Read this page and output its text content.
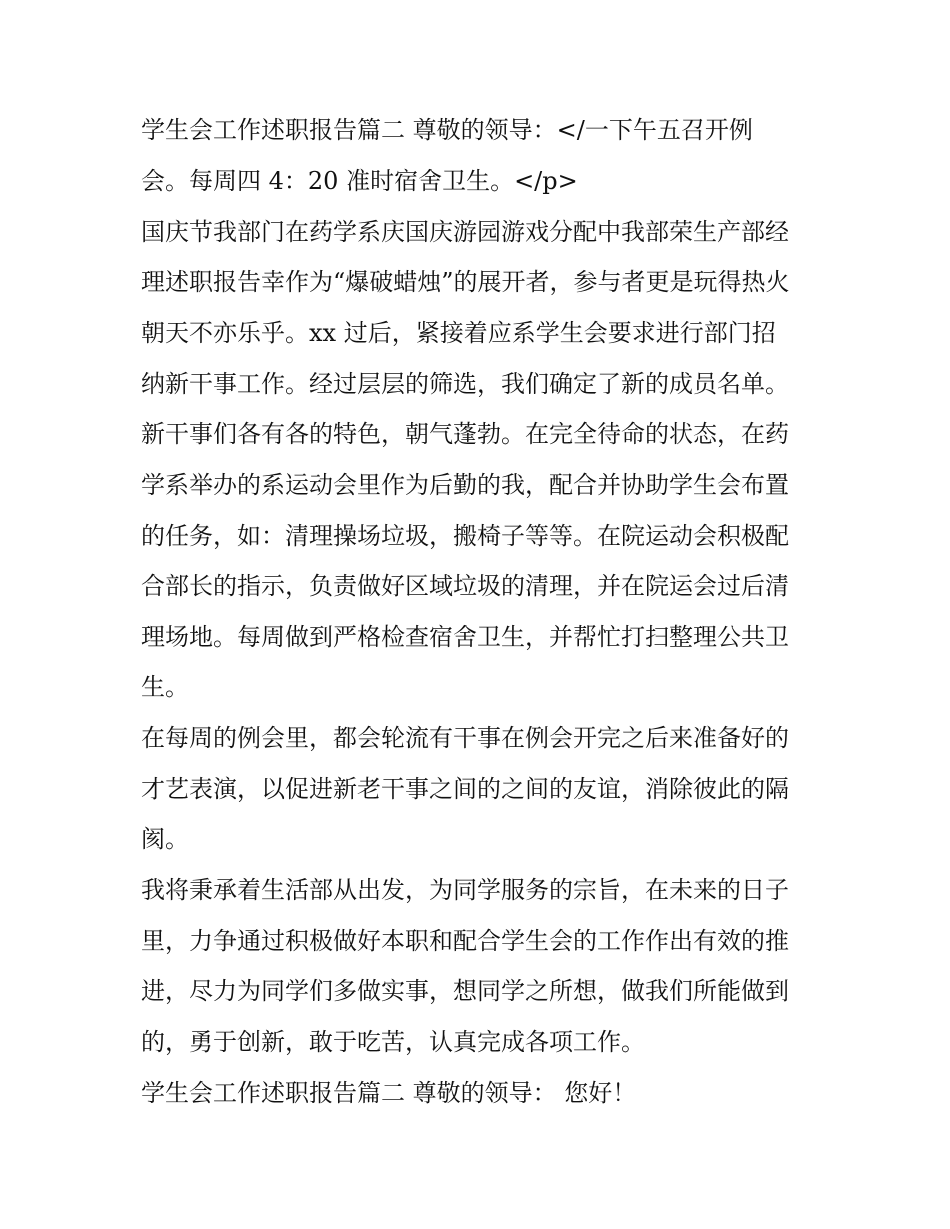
学生会工作述职报告篇二 尊敬的领导：</一下午五召开例
会。每周四 4：20 准时宿舍卫生。</p>
国庆节我部门在药学系庆国庆游园游戏分配中我部荣生产部经
理述职报告幸作为“爆破蜡烛”的展开者，参与者更是玩得热火
朝天不亦乐乎。xx 过后，紧接着应系学生会要求进行部门招
纳新干事工作。经过层层的筛选，我们确定了新的成员名单。
新干事们各有各的特色，朝气蓬勃。在完全待命的状态，在药
学系举办的系运动会里作为后勤的我，配合并协助学生会布置
的任务，如：清理操场垃圾，搬椅子等等。在院运动会积极配
合部长的指示，负责做好区域垃圾的清理，并在院运会过后清
理场地。每周做到严格检查宿舍卫生，并帮忙打扫整理公共卫
生。
在每周的例会里，都会轮流有干事在例会开完之后来准备好的
才艺表演，以促进新老干事之间的之间的友谊，消除彼此的隔
阂。
我将秉承着生活部从出发，为同学服务的宗旨，在未来的日子
里，力争通过积极做好本职和配合学生会的工作作出有效的推
进，尽力为同学们多做实事，想同学之所想，做我们所能做到
的，勇于创新，敢于吃苦，认真完成各项工作。
学生会工作述职报告篇二 尊敬的领导： 您好！
